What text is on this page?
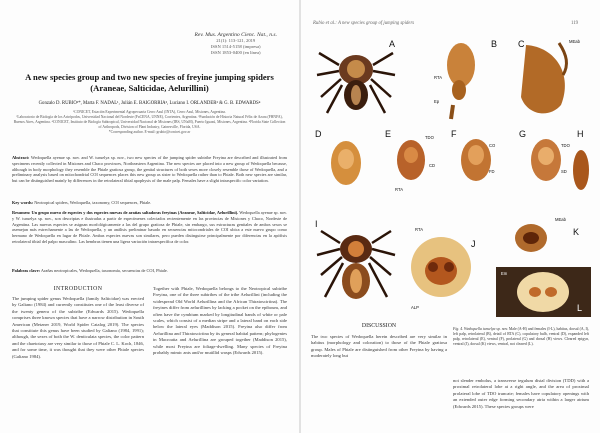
Rev. Mus. Argentino Cienc. Nat., n.s.
21(1): 113-121, 2019
ISSN 1514-5158 (impresa)
ISSN 1853-0400 (en línea)
A new species group and two new species of freyine jumping spiders (Araneae, Salticidae, Aelurillini)
Gonzalo D. RUBIO¹*, Marta F. NADAL¹, Julián E. BAIGORRIA², Luciano I. ORLANDER³ & G. B. EDWARDS⁴
¹CONICET, Estación Experimental Agropecuaria Cerro Azul (INTA), Cerro Azul, Misiones, Argentina.
²Laboratorio de Biología de los Artrópodos, Universidad Nacional del Nordeste (FaCENA, UNNE), Corrientes, Argentina. ³Fundación de Historia Natural Félix de Azara (FHNFA), Buenos Aires, Argentina. ⁴CONICET, Instituto de Biología Subtropical, Universidad Nacional de Misiones (IBS, UNaM), Puerto Iguazú, Misiones, Argentina. ⁴Florida State Collection of Arthropods, Division of Plant Industry, Gainesville, Florida, USA.
*Corresponding author. E-mail: grubio@conicet.gov.ar
Abstract: Wedoquella ayenae sp. nov. and W. turuelya sp. nov., two new species of the jumping spider subtribe Freyina are described and illustrated from specimens recently collected in Misiones and Chaco provinces, Northeastern Argentina. The new species are placed into a new group of Wedoquella because, although in body morphology they resemble the Phiale gratiosa group, the genital structures of both sexes more closely resemble those of Wedoquella, and a preliminary analysis based on mitochondrial COI sequences places this new group as sister to Wedoquella rather than to Phiale. Both new species are similar, but can be distinguished mainly by differences in the retrolateral tibial apophysis of the male palp. Females have a slight intraspecific color variation.
Key words: Neotropical spiders, Wedoquella, taxonomy, COI sequences, Phiale.
Resumen: Un grupo nuevo de especies y dos especies nuevas de arañas saltadoras freyinas (Araneae, Salticidae, Aelurillini). Wedoquella ayenae sp. nov. y W. turuelya sp. nov., son descriptas e ilustradas a partir de especímenes colectados recientemente en las provincias de Misiones y Chaco, Nordeste de Argentina. Las nuevas especies se asignan morfológicamente a las del grupo gratiosa de Phiale, sin embargo, sus estructuras genitales de ambos sexos se asemejan más estrechamente a las de Wedoquella, y un análisis preliminar basado en secuencias mitocondriales de COI ubica a este nuevo grupo como hermano de Wedoquella en lugar de Phiale. Ambas especies nuevas son similares, pero pueden distinguirse principalmente por diferencias en la apófisis retrolateral tibial del palpo masculino. Las hembras tienen una ligera variación intraespecífica de color.
Palabras clave: Arañas neotropicales, Wedoquella, taxonomía, secuencias de COI, Phiale.
INTRODUCTION
The jumping spider genus Wedoquella (family Salticidae) was erected by Galiano (1984) and currently constitutes one of the least diverse of the twenty genera of the subtribe (Edwards 2015). Wedoquella comprises three known species that have a narrow distribution in South American (Metzner 2019, World Spider Catalog 2019). The species that constitute this genus have been studied by Galiano (1984, 1991); although, the sexes of both the W. denticulata species, the color pattern and the chaetotaxy are very similar to those of Phiale C. L. Koch, 1846, and for some time, it was thought that they were other Phiale species (Galiano 1984).
Together with Phiale, Wedoquella belongs to the Neotropical subtribe Freyina, one of the three subtribes of the tribe Aelurillini (including the widespread Old World Aelurillina and the African Thiratoscirtina). The freyines differ from aelurillines by lacking a pocket on the epiboum, and often have the cymbium marked by longitudinal bands of white or pale scales, which consist of a median stripe and a lateral band on each side below the lateral eyes (Maddison 2015). Freyina also differ from Aelurillina and Thiratoscirtina by its general habital pattern; phylogenies in Macroatta and Aelurillina are grouped together (Maddison 2015), while most Freyina are foliage-dwelling. Many species of Freyina probably mimic ants and/or mutillid wasps (Edwards 2015).
Rubio et al.: A new species group of jumping spiders	119
A	B
RTA
Ep
C	MEab
D	E	TDO
CD
RTA
F
CO
FD
G
TDO
SD
H
I
J
ALP
K
MEab
L
Em
RTA
Fig. 4. Wedoquella turuelya sp. nov. Male (A-H) and females (I-L), habitus, dorsal (A, I), left palp, retrolateral (B), detail of RTA (C), copulatory bulb, ventral (D), expanded left palp, retrolateral (E), ventral (F), prolateral (G) and dorsal (H) views. Cleared epigyn, ventral (J), dorsal (K) views, ventral, not cleared (L).
DISCUSSION
The two species of Wedoquella herein described are very similar in habitus (morphology and coloration) to those of the Phiale gratiosa group. Males of Phiale are distinguished from other Freyina by having a moderately long but
not slender embolus, a transverse tegulum distal division (TDD) with a proximal retrolateral lobe at a right angle, and the area of proximal prolateral lobe of TDO truncate; females have copulatory openings with an extended outer edge forming secondary atria within a larger atrium (Edwards 2015). These species groups were
